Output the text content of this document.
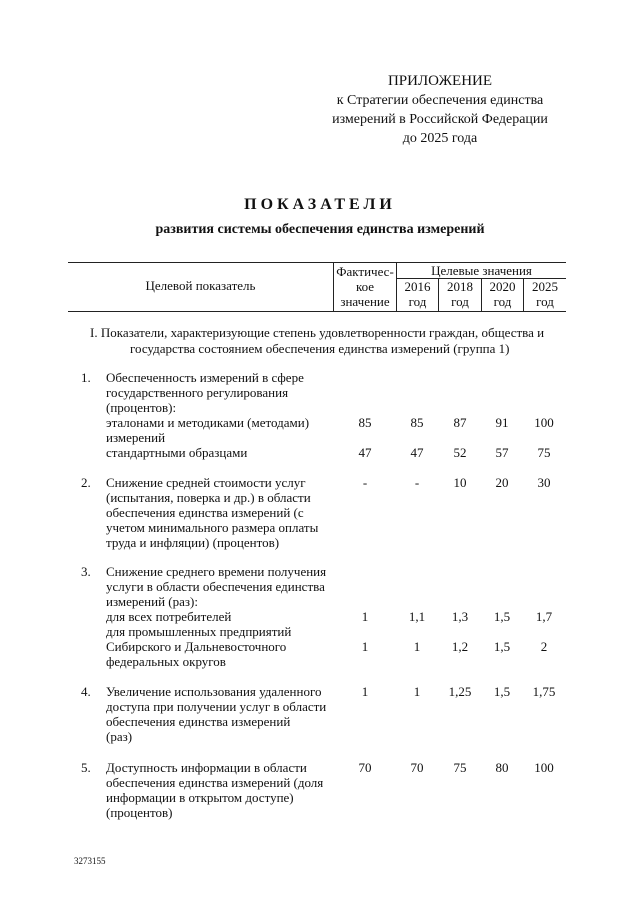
ПРИЛОЖЕНИЕ
к Стратегии обеспечения единства
измерений в Российской Федерации
до 2025 года
ПОКАЗАТЕЛИ
развития системы обеспечения единства измерений
Целевой показатель
Фактичес-
кое
значение
Целевые значения
2016	2018	2020	2025
год	год	год	год
I. Показатели, характеризующие степень удовлетворенности граждан, общества и
государства состоянием обеспечения единства измерений (группа 1)
1. Обеспеченность измерений в сфере
государственного регулирования
(процентов):
эталонами и методиками (методами)
измерений
85	85	87	91	100
стандартными образцами	47	47	52	57	75
2. Снижение средней стоимости услуг
(испытания, поверка и др.) в области
обеспечения единства измерений (с
учетом минимального размера оплаты
труда и инфляции) (процентов)
-	-	10	20	30
3. Снижение среднего времени получения
услуги в области обеспечения единства
измерений (раз):
для всех потребителей	1	1,1	1,3	1,5	1,7
для промышленных предприятий
Сибирского и Дальневосточного
федеральных округов
1	1	1,2	1,5	2
4. Увеличение использования удаленного
доступа при получении услуг в области
обеспечения единства измерений
(раз)
1	1	1,25	1,5	1,75
5. Доступность информации в области
обеспечения единства измерений (доля
информации в открытом доступе)
(процентов)
70	70	75	80	100
3273155
